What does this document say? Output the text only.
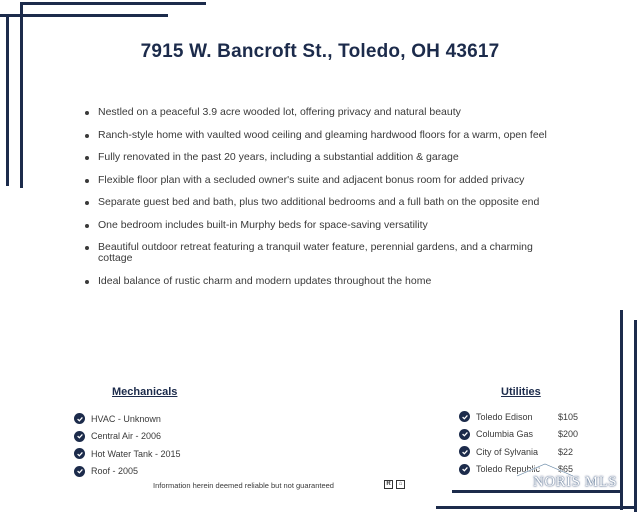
7915 W. Bancroft St., Toledo, OH 43617
Nestled on a peaceful 3.9 acre wooded lot, offering privacy and natural beauty
Ranch-style home with vaulted wood ceiling and gleaming hardwood floors for a warm, open feel
Fully renovated in the past 20 years, including a substantial addition & garage
Flexible floor plan with a secluded owner's suite and adjacent bonus room for added privacy
Separate guest bed and bath, plus two additional bedrooms and a full bath on the opposite end
One bedroom includes built-in Murphy beds for space-saving versatility
Beautiful outdoor retreat featuring a tranquil water feature, perennial gardens, and a charming cottage
Ideal balance of rustic charm and modern updates throughout the home
Mechanicals
HVAC - Unknown
Central Air - 2006
Hot Water Tank - 2015
Roof - 2005
Utilities
Toledo Edison	$105
Columbia Gas	$200
City of Sylvania	$22
Toledo Republic	$65
Information herein deemed reliable but not guaranteed	R	⌂	NORIS MLS
